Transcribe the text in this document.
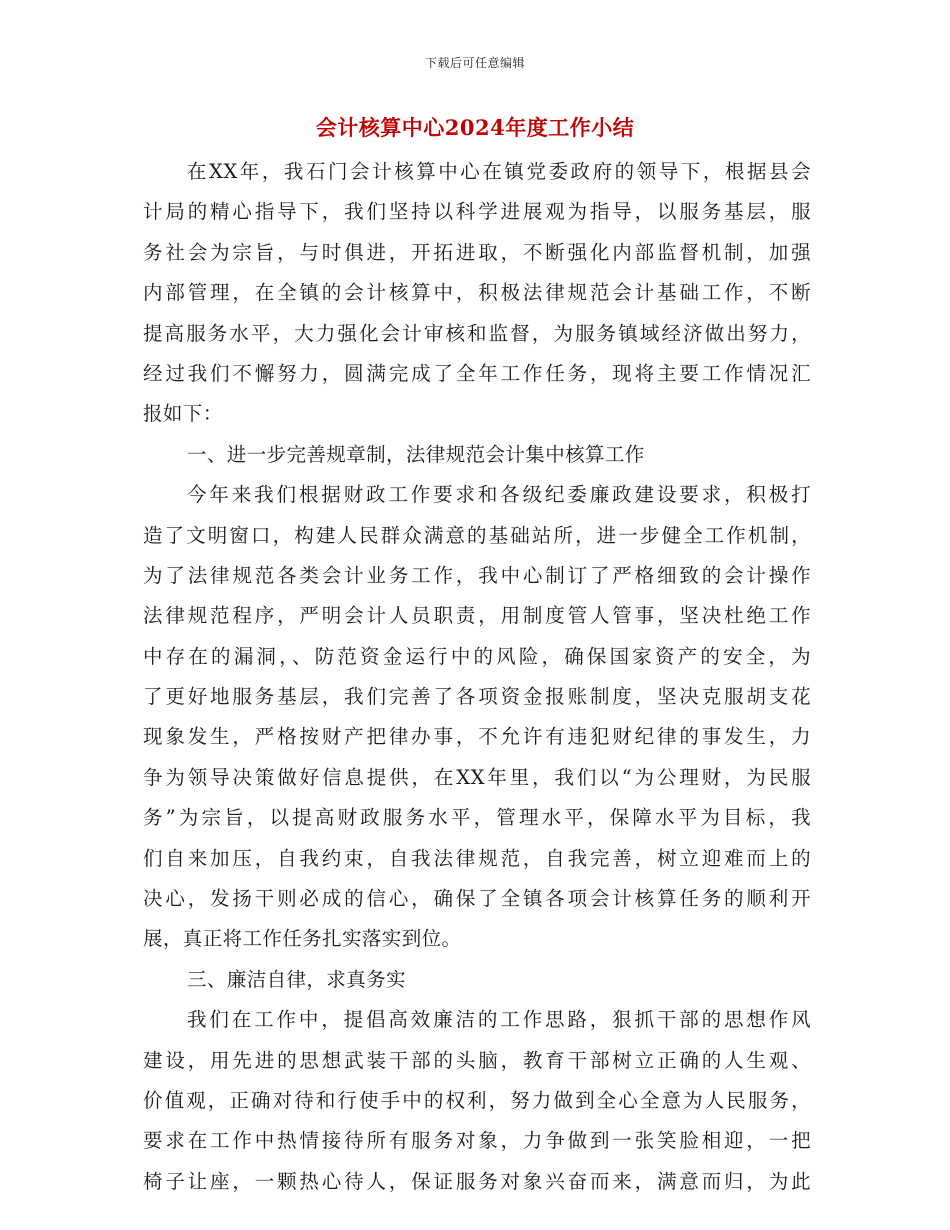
下载后可任意编辑
会计核算中心2024年度工作小结
在XX年，我石门会计核算中心在镇党委政府的领导下，根据县会
计局的精心指导下，我们坚持以科学进展观为指导，以服务基层，服
务社会为宗旨，与时俱进，开拓进取，不断强化内部监督机制，加强
内部管理，在全镇的会计核算中，积极法律规范会计基础工作，不断
提高服务水平，大力强化会计审核和监督，为服务镇域经济做出努力，
经过我们不懈努力，圆满完成了全年工作任务，现将主要工作情况汇
报如下：
一、进一步完善规章制，法律规范会计集中核算工作
今年来我们根据财政工作要求和各级纪委廉政建设要求，积极打
造了文明窗口，构建人民群众满意的基础站所，进一步健全工作机制，
为了法律规范各类会计业务工作，我中心制订了严格细致的会计操作
法律规范程序，严明会计人员职责，用制度管人管事，坚决杜绝工作
中存在的漏洞，、防范资金运行中的风险，确保国家资产的安全，为
了更好地服务基层，我们完善了各项资金报账制度，坚决克服胡支花
现象发生，严格按财产把律办事，不允许有违犯财纪律的事发生，力
争为领导决策做好信息提供，在XX年里，我们以“为公理财，为民服
务”为宗旨，以提高财政服务水平，管理水平，保障水平为目标，我
们自来加压，自我约束，自我法律规范，自我完善，树立迎难而上的
决心，发扬干则必成的信心，确保了全镇各项会计核算任务的顺利开
展，真正将工作任务扎实落实到位。
三、廉洁自律，求真务实
我们在工作中，提倡高效廉洁的工作思路，狠抓干部的思想作风
建设，用先进的思想武装干部的头脑，教育干部树立正确的人生观、
价值观，正确对待和行使手中的权利，努力做到全心全意为人民服务，
要求在工作中热情接待所有服务对象，力争做到一张笑脸相迎，一把
椅子让座，一颗热心待人，保证服务对象兴奋而来，满意而归，为此
